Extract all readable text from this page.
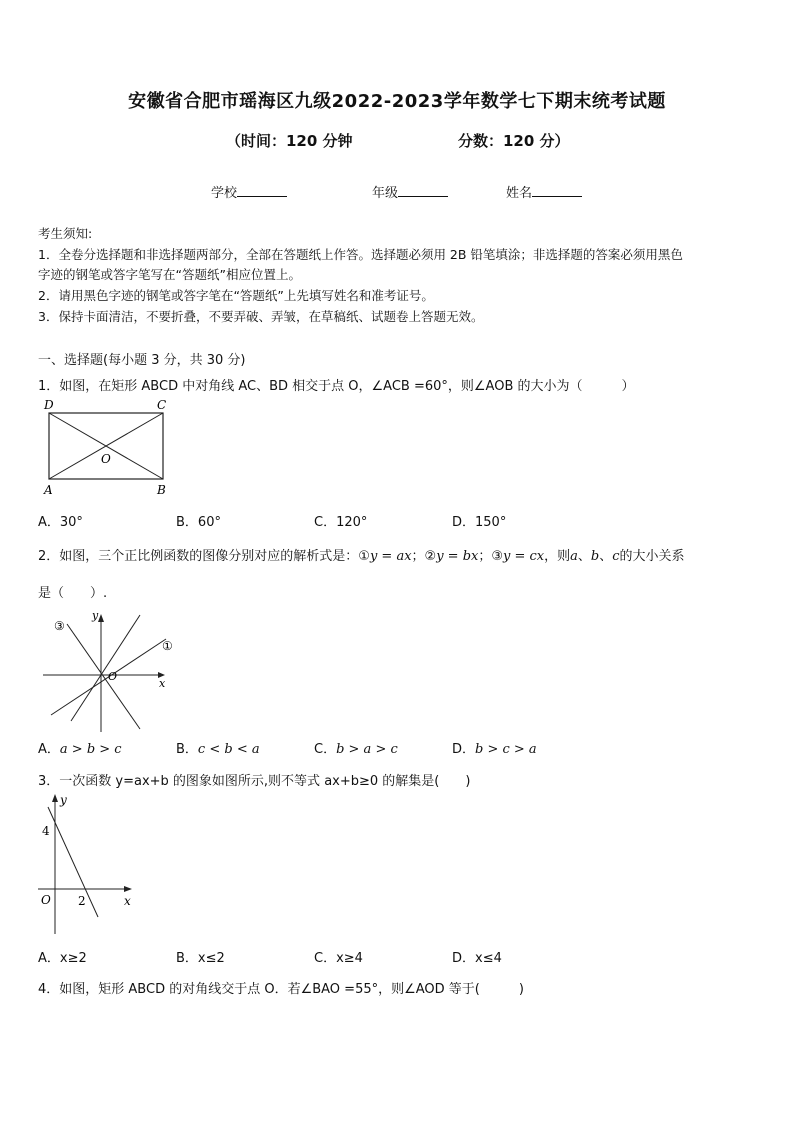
安徽省合肥市瑶海区九级2022-2023学年数学七下期末统考试题
（时间：120 分钟	分数：120 分）
学校	年级	姓名
考生须知:
1．全卷分选择题和非选择题两部分，全部在答题纸上作答。选择题必须用 2B 铅笔填涂；非选择题的答案必须用黑色
字迹的钢笔或答字笔写在“答题纸”相应位置上。
2．请用黑色字迹的钢笔或答字笔在“答题纸”上先填写姓名和准考证号。
3．保持卡面清洁，不要折叠，不要弄破、弄皱，在草稿纸、试题卷上答题无效。
一、选择题(每小题 3 分，共 30 分)
1．如图，在矩形 ABCD 中对角线 AC、BD 相交于点 O，∠ACB =60°，则∠AOB 的大小为（　　　）
D	C
A	B
O
A．30°	B．60°	C．120°	D．150°
2．如图，三个正比例函数的图像分别对应的解析式是：①y = ax；②y = bx；③y = cx，则a、b、c的大小关系
是（　　）.
①
③
x
y
O
A．a > b > c	B．c < b < a	C．b > a > c	D．b > c > a
3．一次函数 y=ax+b 的图象如图所示,则不等式 ax+b≥0 的解集是(　　)
y
x
O
4
2
A．x≥2	B．x≤2	C．x≥4	D．x≤4
4．如图，矩形 ABCD 的对角线交于点 O．若∠BAO =55°，则∠AOD 等于(　　　)
